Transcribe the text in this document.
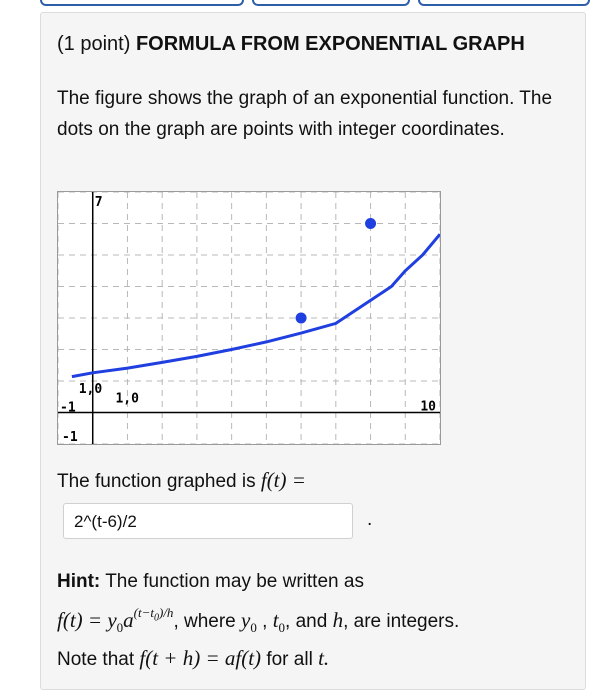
(1 point) FORMULA FROM EXPONENTIAL GRAPH
The figure shows the graph of an exponential function. The dots on the graph are points with integer coordinates.
7
1,0
1,0
10
-1
-1
The function graphed is f(t) =
2^(t-6)/2	.
Hint: The function may be written as
$f(t) = y_0a^{(t-t_0)/h}$, where $y_0$ , $t_0$, and h, are integers.
Note that f(t + h) = af(t) for all t.
